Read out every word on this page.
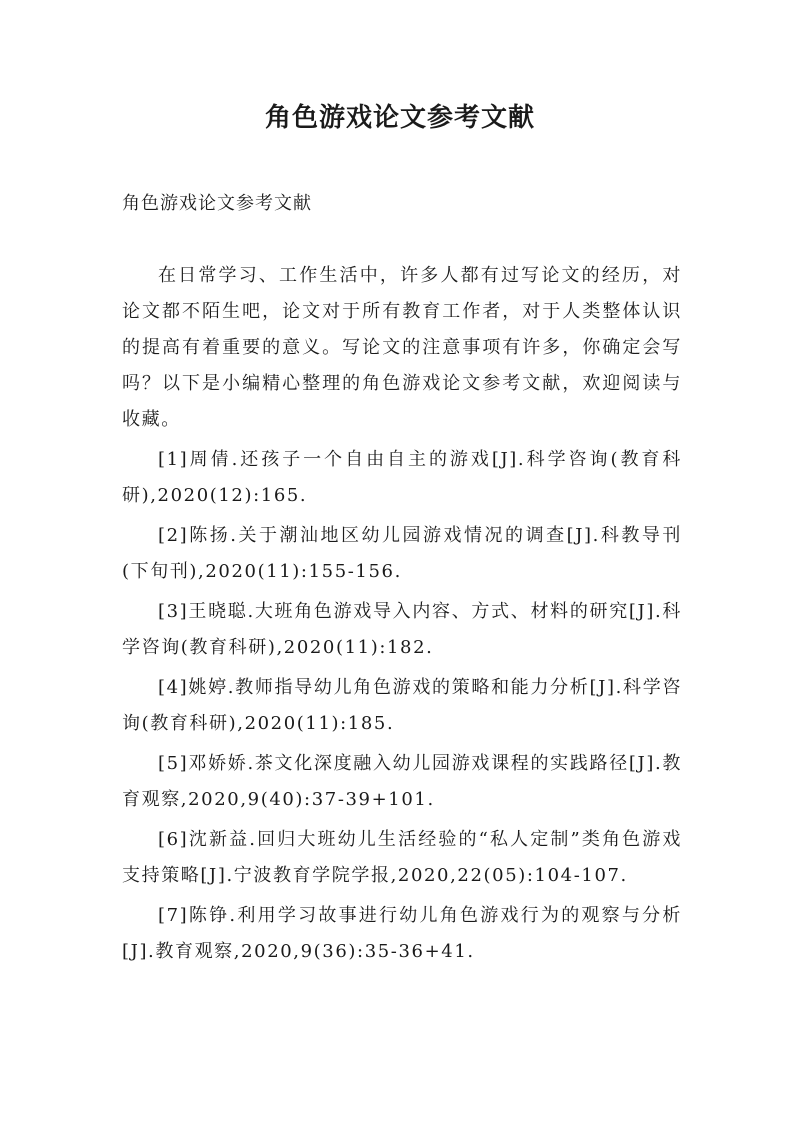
角色游戏论文参考文献
角色游戏论文参考文献

在日常学习、工作生活中，许多人都有过写论文的经历，对论文都不陌生吧，论文对于所有教育工作者，对于人类整体认识的提高有着重要的意义。写论文的注意事项有许多，你确定会写吗？以下是小编精心整理的角色游戏论文参考文献，欢迎阅读与收藏。

[1]周倩.还孩子一个自由自主的游戏[J].科学咨询(教育科研),2020(12):165.

[2]陈扬.关于潮汕地区幼儿园游戏情况的调查[J].科教导刊(下旬刊),2020(11):155-156.

[3]王晓聪.大班角色游戏导入内容、方式、材料的研究[J].科学咨询(教育科研),2020(11):182.

[4]姚婷.教师指导幼儿角色游戏的策略和能力分析[J].科学咨询(教育科研),2020(11):185.

[5]邓娇娇.茶文化深度融入幼儿园游戏课程的实践路径[J].教育观察,2020,9(40):37-39+101.

[6]沈新益.回归大班幼儿生活经验的“私人定制”类角色游戏支持策略[J].宁波教育学院学报,2020,22(05):104-107.

[7]陈铮.利用学习故事进行幼儿角色游戏行为的观察与分析[J].教育观察,2020,9(36):35-36+41.
